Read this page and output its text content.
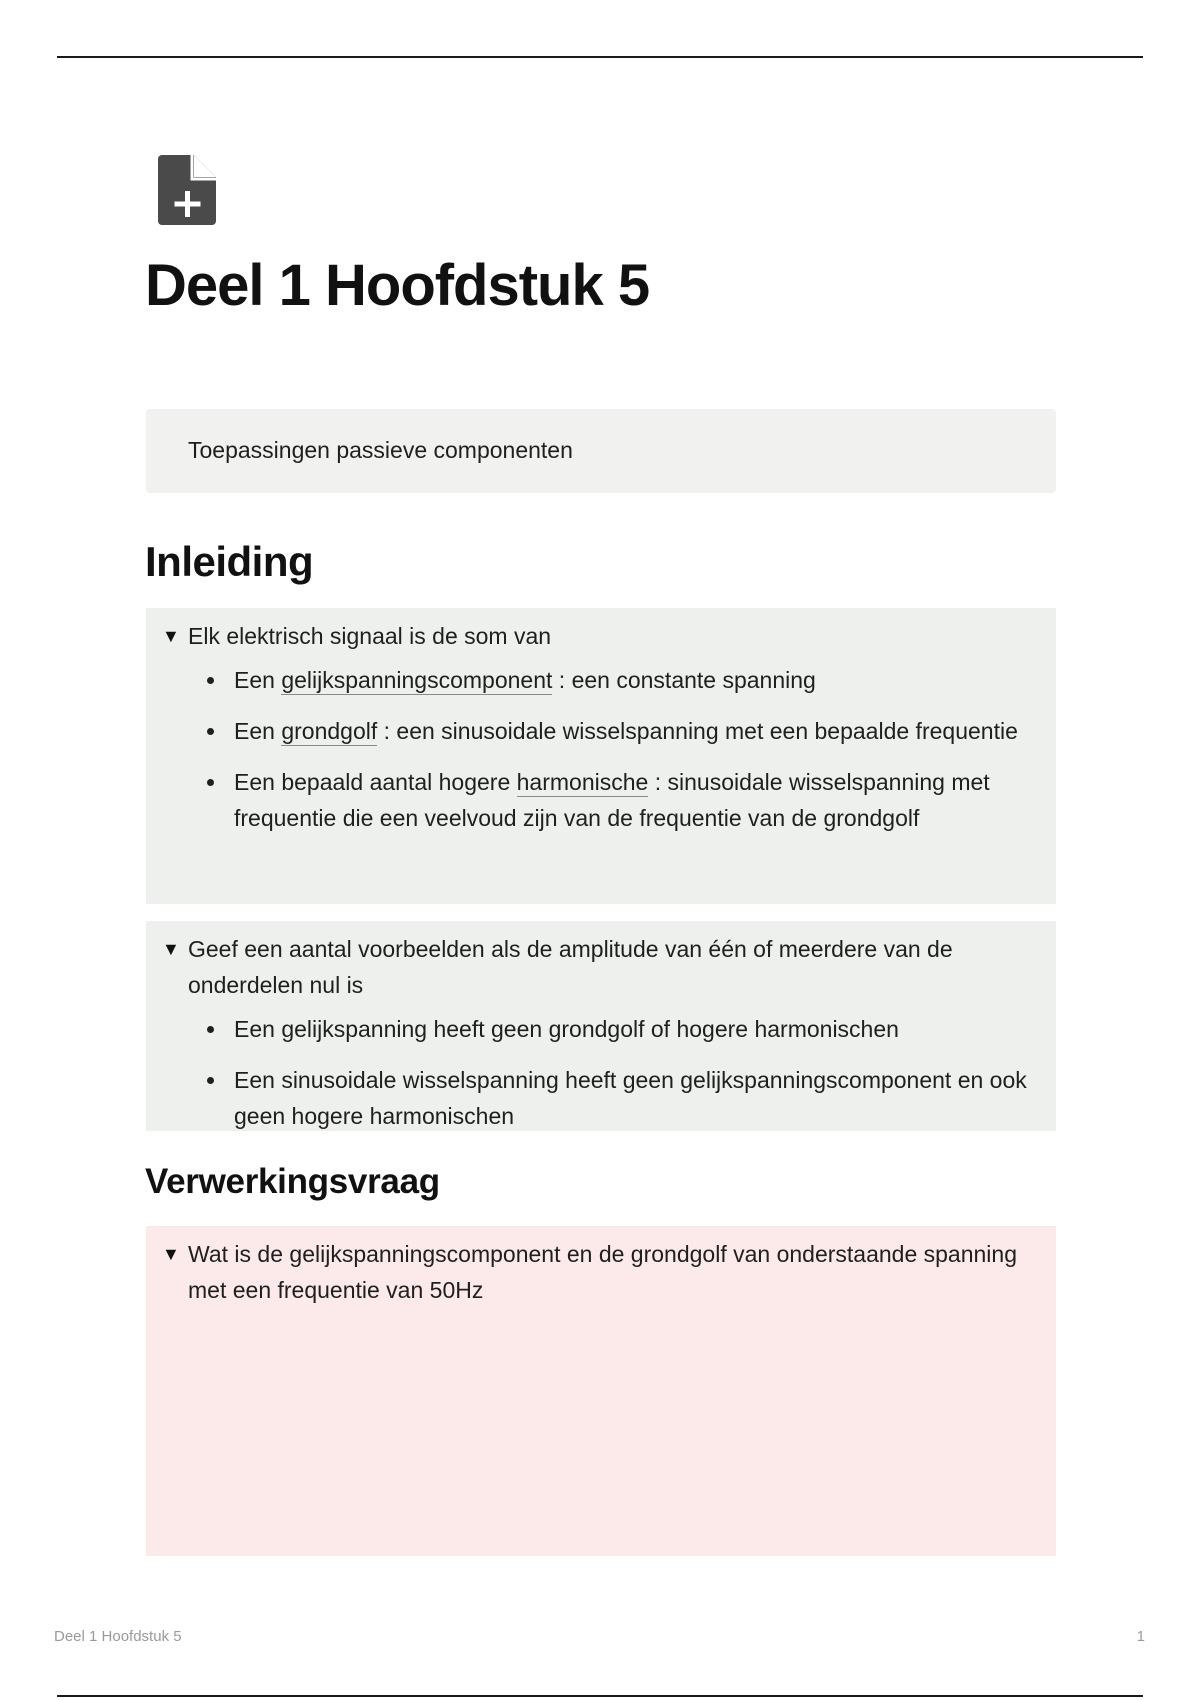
Deel 1 Hoofdstuk 5
Toepassingen passieve componenten
Inleiding
▼ Elk elektrisch signaal is de som van
Een gelijkspanningscomponent : een constante spanning
Een grondgolf : een sinusoidale wisselspanning met een bepaalde frequentie
Een bepaald aantal hogere harmonische : sinusoidale wisselspanning met frequentie die een veelvoud zijn van de frequentie van de grondgolf
▼ Geef een aantal voorbeelden als de amplitude van één of meerdere van de onderdelen nul is
Een gelijkspanning heeft geen grondgolf of hogere harmonischen
Een sinusoidale wisselspanning heeft geen gelijkspanningscomponent en ook geen hogere harmonischen
Verwerkingsvraag
▼ Wat is de gelijkspanningscomponent en de grondgolf van onderstaande spanning met een frequentie van 50Hz
Deel 1 Hoofdstuk 5	1
